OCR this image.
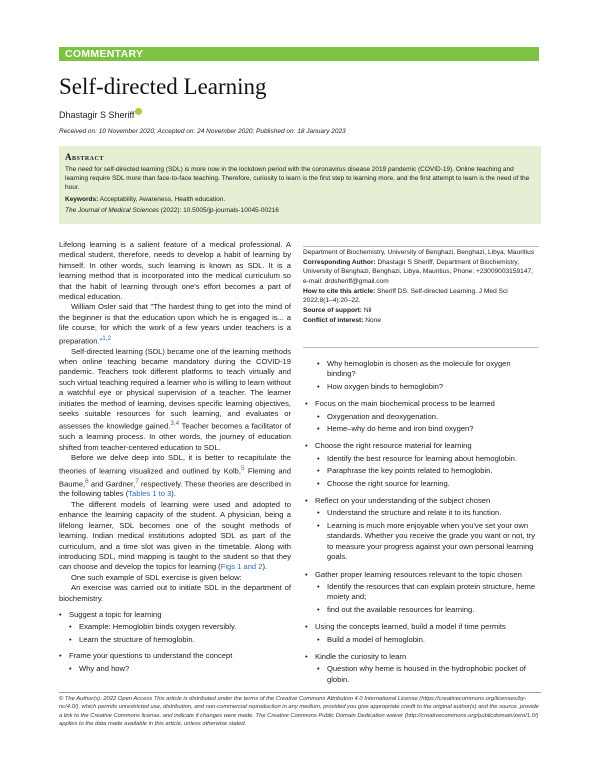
COMMENTARY
Self-directed Learning
Dhastagir S Sheriff
Received on: 10 November 2020; Accepted on: 24 November 2020; Published on: 18 January 2023
Abstract
The need for self-directed learning (SDL) is more now in the lockdown period with the coronavirus disease 2019 pandemic (COVID-19). Online teaching and learning require SDL more than face-to-face teaching. Therefore, curiosity to learn is the first step to learning more, and the first attempt to learn is the need of the hour.
Keywords: Acceptability, Awareness, Health education.
The Journal of Medical Sciences (2022): 10.5005/jp-journals-10045-00216

Lifelong learning is a salient feature of a medical professional. A medical student, therefore, needs to develop a habit of learning by himself. In other words, such learning is known as SDL. It is a learning method that is incorporated into the medical curriculum so that the habit of learning through one's effort becomes a part of medical education.

William Osler said that "The hardest thing to get into the mind of the beginner is that the education upon which he is engaged is... a life course, for which the work of a few years under teachers is a preparation."$^{1,2}$

Self-directed learning (SDL) became one of the learning methods when online teaching became mandatory during the COVID-19 pandemic. Teachers took different platforms to teach virtually and such virtual teaching required a learner who is willing to learn without a watchful eye or physical supervision of a teacher. The learner initiates the method of learning, devises specific learning objectives, seeks suitable resources for such learning, and evaluates or assesses the knowledge gained.$^{3,4}$ Teacher becomes a facilitator of such a learning process. In other words, the journey of education shifted from teacher-centered education to SDL.

Before we delve deep into SDL, it is better to recapitulate the theories of learning visualized and outlined by Kolb,$^5$ Fleming and Baume,$^6$ and Gardner,$^7$ respectively. These theories are described in the following tables (Tables 1 to 3).

The different models of learning were used and adopted to enhance the learning capacity of the student. A physician, being a lifelong learner, SDL becomes one of the sought methods of learning. Indian medical institutions adopted SDL as part of the curriculum, and a time slot was given in the timetable. Along with introducing SDL, mind mapping is taught to the student so that they can choose and develop the topics for learning (Figs 1 and 2).

One such example of SDL exercise is given below:

An exercise was carried out to initiate SDL in the department of biochemistry.

• Suggest a topic for learning
• Example: Hemoglobin binds oxygen reversibly.
• Learn the structure of hemoglobin.
• Frame your questions to understand the concept
• Why and how?

Department of Biochemistry, University of Benghazi, Benghazi, Libya, Mauritius

Corresponding Author: Dhastagir S Sheriff, Department of Biochemistry, University of Benghazi, Benghazi, Libya, Mauritius, Phone: +23009003159147, e-mail: drdsheriff@gmail.com

How to cite this article: Sheriff DS. Self-directed Learning. J Med Sci 2022;8(1–4):20–22.

Source of support: Nil

Conflict of interest: None

• Why hemoglobin is chosen as the molecule for oxygen binding?
• How oxygen binds to hemoglobin?
• Focus on the main biochemical process to be learned
• Oxygenation and deoxygenation.
• Heme–why do heme and iron bind oxygen?
• Choose the right resource material for learning
• Identify the best resource for learning about hemoglobin.
• Paraphrase the key points related to hemoglobin.
• Choose the right source for learning.
• Reflect on your understanding of the subject chosen
• Understand the structure and relate it to its function.
• Learning is much more enjoyable when you've set your own standards. Whether you receive the grade you want or not, try to measure your progress against your own personal learning goals.
• Gather proper learning resources relevant to the topic chosen
• Identify the resources that can explain protein structure, heme moiety and;
• find out the available resources for learning.
• Using the concepts learned, build a model if time permits
• Build a model of hemoglobin.
• Kindle the curiosity to learn
• Question why heme is housed in the hydrophobic pocket of globin.
© The Author(s). 2022 Open Access This article is distributed under the terms of the Creative Commons Attribution 4.0 International License (https://creativecommons.org/licenses/by-nc/4.0/), which permits unrestricted use, distribution, and non-commercial reproduction in any medium, provided you give appropriate credit to the original author(s) and the source, provide a link to the Creative Commons license, and indicate if changes were made. The Creative Commons Public Domain Dedication waiver (http://creativecommons.org/publicdomain/zero/1.0/) applies to the data made available in this article, unless otherwise stated.
